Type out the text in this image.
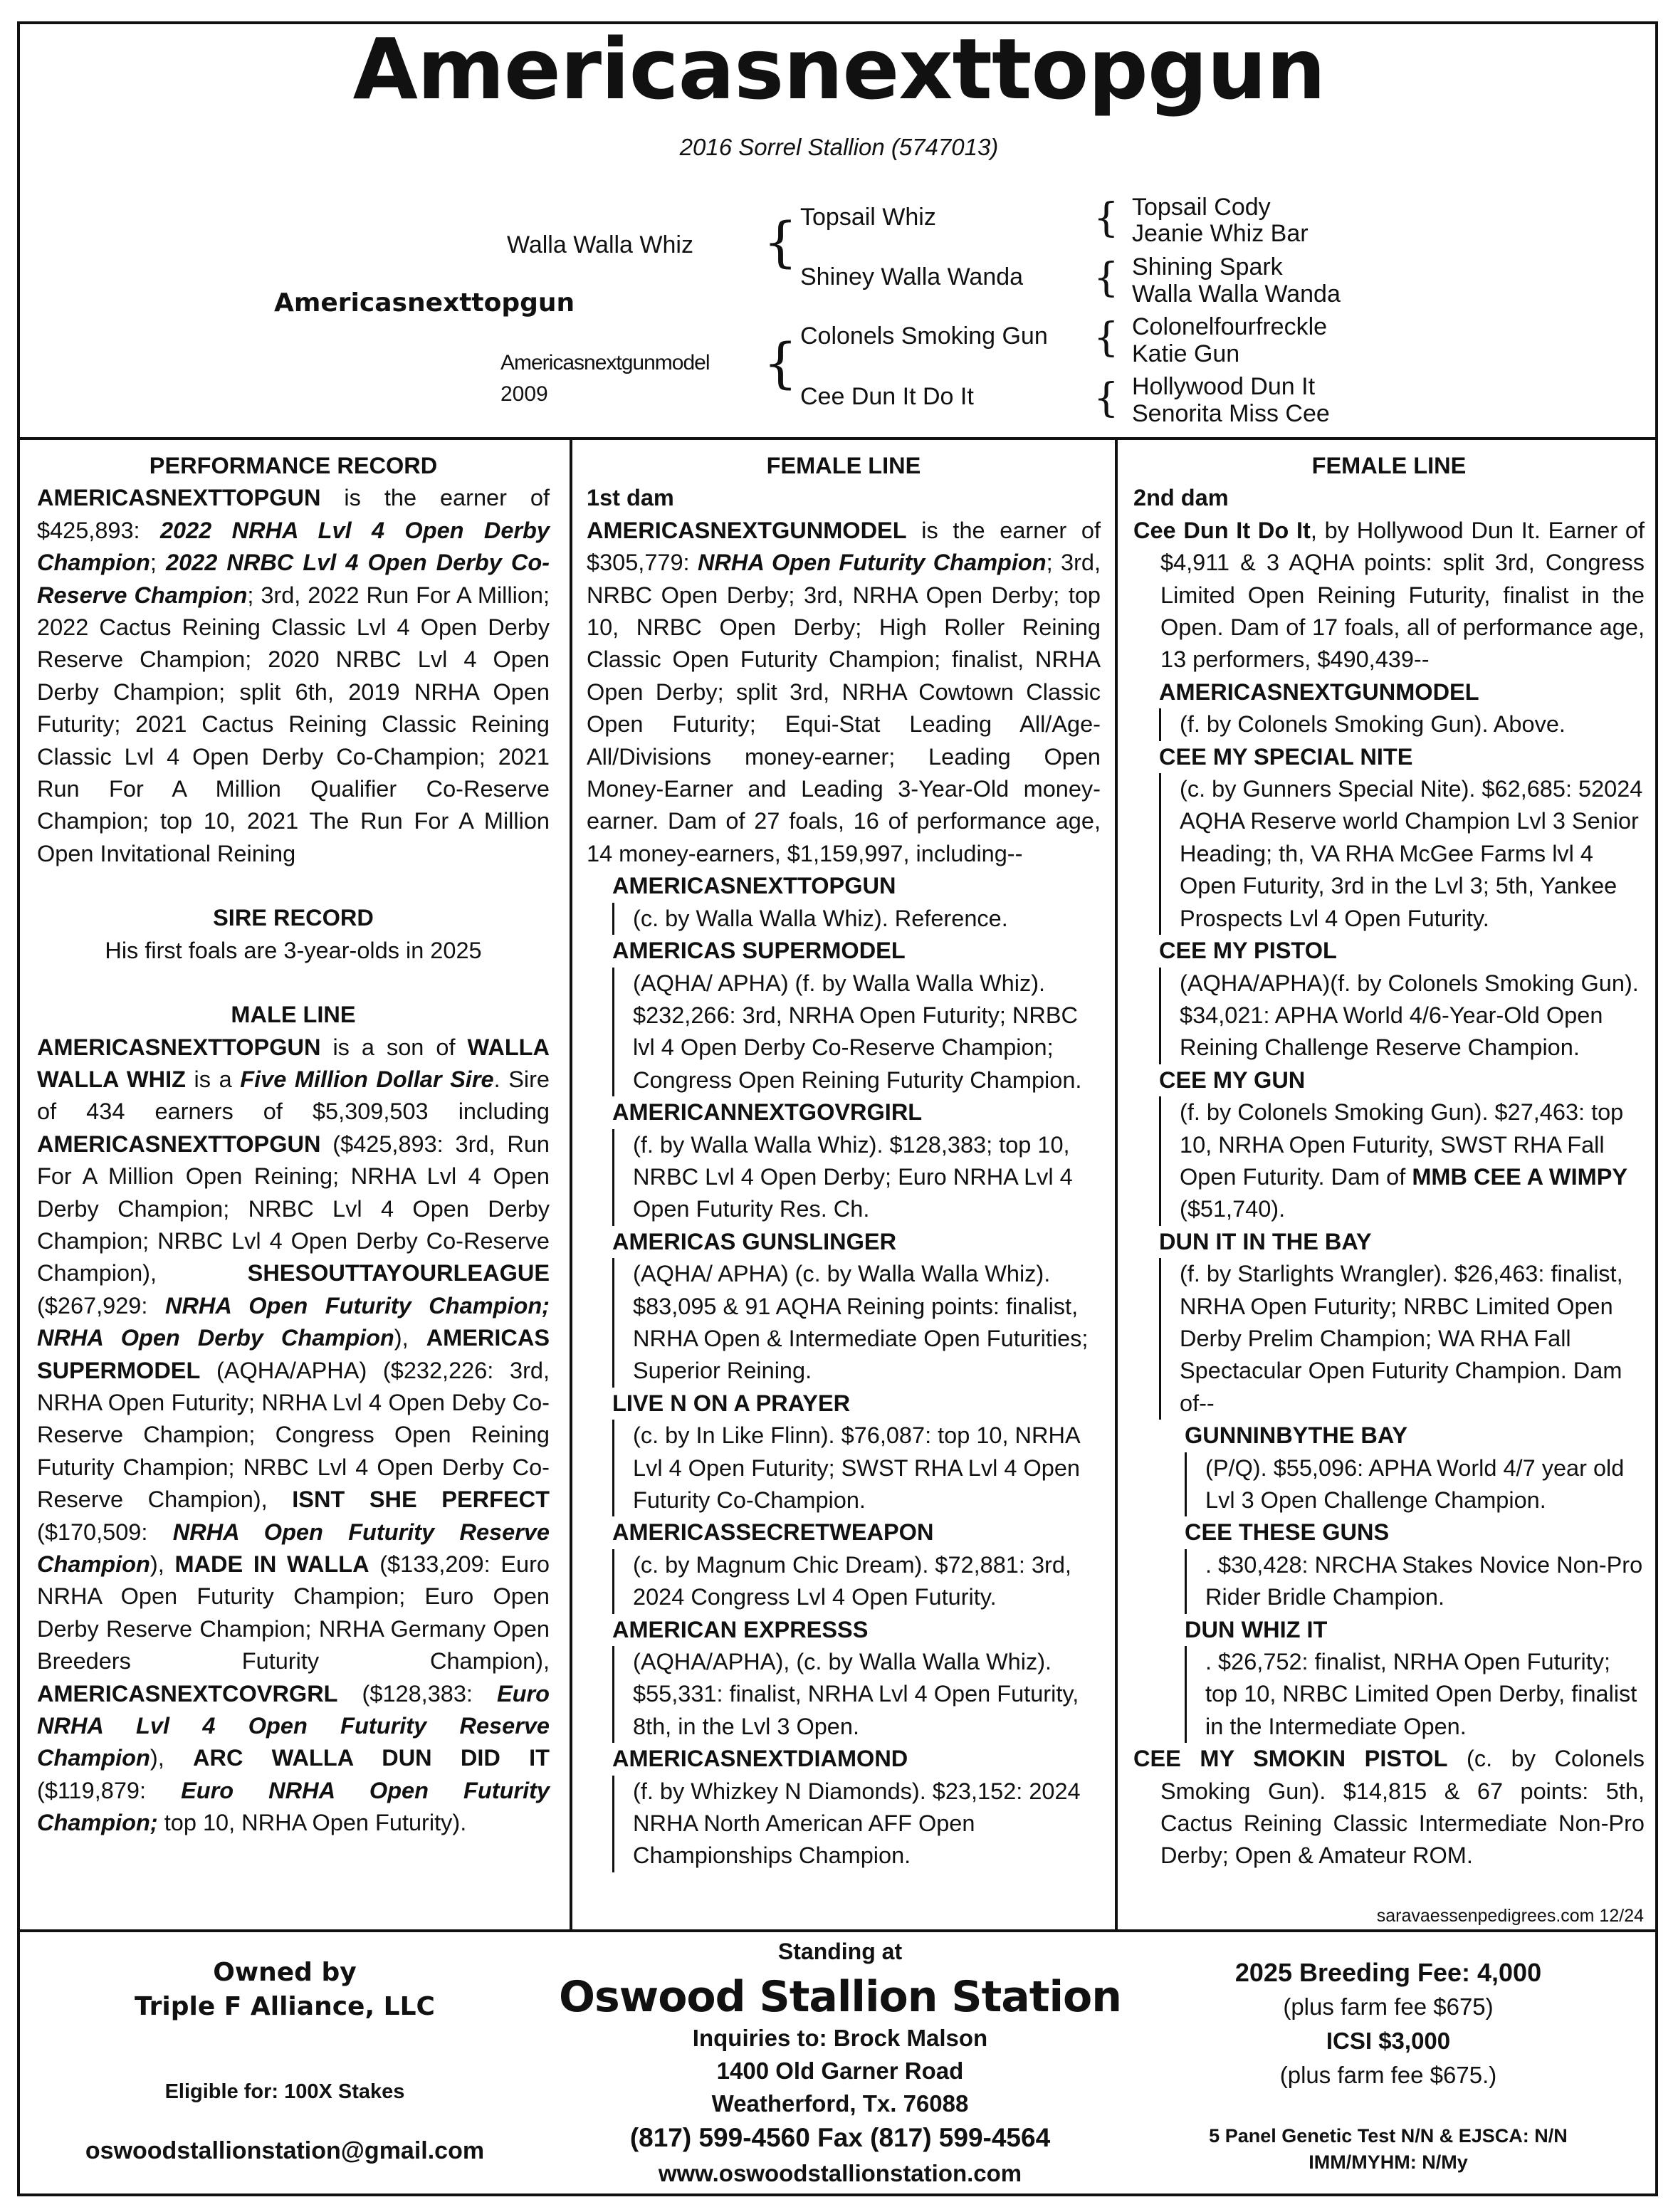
Americasnexttopgun
2016 Sorrel Stallion (5747013)
Americasnexttopgun
Walla Walla Whiz
Americasnextgunmodel
2009
{
{
Topsail Whiz
Shiney Walla Wanda
Colonels Smoking Gun
Cee Dun It Do It
{
{
{
{
Topsail Cody
Jeanie Whiz Bar
Shining Spark
Walla Walla Wanda
Colonelfourfreckle
Katie Gun
Hollywood Dun It
Senorita Miss Cee

PERFORMANCE RECORD

AMERICASNEXTTOPGUN is the earner of $425,893: 2022 NRHA Lvl 4 Open Derby Champion; 2022 NRBC Lvl 4 Open Derby Co-Reserve Champion; 3rd, 2022 Run For A Million; 2022 Cactus Reining Classic Lvl 4 Open Derby Reserve Champion; 2020 NRBC Lvl 4 Open Derby Champion; split 6th, 2019 NRHA Open Futurity; 2021 Cactus Reining Classic Reining Classic Lvl 4 Open Derby Co-Champion; 2021 Run For A Million Qualifier Co-Reserve Champion; top 10, 2021 The Run For A Million Open Invitational Reining

SIRE RECORD

His first foals are 3-year-olds in 2025

MALE LINE

AMERICASNEXTTOPGUN is a son of WALLA WALLA WHIZ is a Five Million Dollar Sire. Sire of 434 earners of $5,309,503 including AMERICASNEXTTOPGUN ($425,893: 3rd, Run For A Million Open Reining; NRHA Lvl 4 Open Derby Champion; NRBC Lvl 4 Open Derby Champion; NRBC Lvl 4 Open Derby Co-Reserve Champion), SHESOUTTAYOURLEAGUE ($267,929: NRHA Open Futurity Champion; NRHA Open Derby Champion), AMERICAS SUPERMODEL (AQHA/APHA) ($232,226: 3rd, NRHA Open Futurity; NRHA Lvl 4 Open Deby Co-Reserve Champion; Congress Open Reining Futurity Champion; NRBC Lvl 4 Open Derby Co-Reserve Champion), ISNT SHE PERFECT ($170,509: NRHA Open Futurity Reserve Champion), MADE IN WALLA ($133,209: Euro NRHA Open Futurity Champion; Euro Open Derby Reserve Champion; NRHA Germany Open Breeders Futurity Champion), AMERICASNEXTCOVRGRL ($128,383: Euro NRHA Lvl 4 Open Futurity Reserve Champion), ARC WALLA DUN DID IT ($119,879: Euro NRHA Open Futurity Champion; top 10, NRHA Open Futurity).

FEMALE LINE

1st dam

AMERICASNEXTGUNMODEL is the earner of $305,779: NRHA Open Futurity Champion; 3rd, NRBC Open Derby; 3rd, NRHA Open Derby; top 10, NRBC Open Derby; High Roller Reining Classic Open Futurity Champion; finalist, NRHA Open Derby; split 3rd, NRHA Cowtown Classic Open Futurity; Equi-Stat Leading All/Age-All/Divisions money-earner; Leading Open Money-Earner and Leading 3-Year-Old money-earner. Dam of 27 foals, 16 of performance age, 14 money-earners, $1,159,997, including--

AMERICASNEXTTOPGUN

(c. by Walla Walla Whiz). Reference.

AMERICAS SUPERMODEL

(AQHA/ APHA) (f. by Walla Walla Whiz). $232,266: 3rd, NRHA Open Futurity; NRBC lvl 4 Open Derby Co-Reserve Champion; Congress Open Reining Futurity Champion.

AMERICANNEXTGOVRGIRL

(f. by Walla Walla Whiz). $128,383; top 10, NRBC Lvl 4 Open Derby; Euro NRHA Lvl 4 Open Futurity Res. Ch.

AMERICAS GUNSLINGER

(AQHA/ APHA) (c. by Walla Walla Whiz). $83,095 & 91 AQHA Reining points: finalist, NRHA Open & Intermediate Open Futurities; Superior Reining.

LIVE N ON A PRAYER

(c. by In Like Flinn). $76,087: top 10, NRHA Lvl 4 Open Futurity; SWST RHA Lvl 4 Open Futurity Co-Champion.

AMERICASSECRETWEAPON

(c. by Magnum Chic Dream). $72,881: 3rd, 2024 Congress Lvl 4 Open Futurity.

AMERICAN EXPRESSS

(AQHA/APHA), (c. by Walla Walla Whiz). $55,331: finalist, NRHA Lvl 4 Open Futurity, 8th, in the Lvl 3 Open.

AMERICASNEXTDIAMOND

(f. by Whizkey N Diamonds). $23,152: 2024 NRHA North American AFF Open Championships Champion.

FEMALE LINE

2nd dam

Cee Dun It Do It, by Hollywood Dun It. Earner of $4,911 & 3 AQHA points: split 3rd, Congress Limited Open Reining Futurity, finalist in the Open. Dam of 17 foals, all of performance age, 13 performers, $490,439--

AMERICASNEXTGUNMODEL

(f. by Colonels Smoking Gun). Above.

CEE MY SPECIAL NITE

(c. by Gunners Special Nite). $62,685: 52024 AQHA Reserve world Champion Lvl 3 Senior Heading; th, VA RHA McGee Farms lvl 4 Open Futurity, 3rd in the Lvl 3; 5th, Yankee Prospects Lvl 4 Open Futurity.

CEE MY PISTOL

(AQHA/APHA)(f. by Colonels Smoking Gun). $34,021: APHA World 4/6-Year-Old Open Reining Challenge Reserve Champion.

CEE MY GUN

(f. by Colonels Smoking Gun). $27,463: top 10, NRHA Open Futurity, SWST RHA Fall Open Futurity. Dam of MMB CEE A WIMPY ($51,740).

DUN IT IN THE BAY

(f. by Starlights Wrangler). $26,463: finalist, NRHA Open Futurity; NRBC Limited Open Derby Prelim Champion; WA RHA Fall Spectacular Open Futurity Champion. Dam of--

GUNNINBYTHE BAY

(P/Q). $55,096: APHA World 4/7 year old Lvl 3 Open Challenge Champion.

CEE THESE GUNS

. $30,428: NRCHA Stakes Novice Non-Pro Rider Bridle Champion.

DUN WHIZ IT

. $26,752: finalist, NRHA Open Futurity; top 10, NRBC Limited Open Derby, finalist in the Intermediate Open.

CEE MY SMOKIN PISTOL (c. by Colonels Smoking Gun). $14,815 & 67 points: 5th, Cactus Reining Classic Intermediate Non-Pro Derby; Open & Amateur ROM.

saravaessenpedigrees.com 12/24
Owned by
Triple F Alliance, LLC
Eligible for: 100X Stakes
oswoodstallionstation@gmail.com
Standing at
Oswood Stallion Station
Inquiries to: Brock Malson
1400 Old Garner Road
Weatherford, Tx. 76088
(817) 599-4560 Fax (817) 599-4564
www.oswoodstallionstation.com
2025 Breeding Fee: 4,000
(plus farm fee $675)
ICSI $3,000
(plus farm fee $675.)
5 Panel Genetic Test N/N & EJSCA: N/N
IMM/MYHM: N/My
